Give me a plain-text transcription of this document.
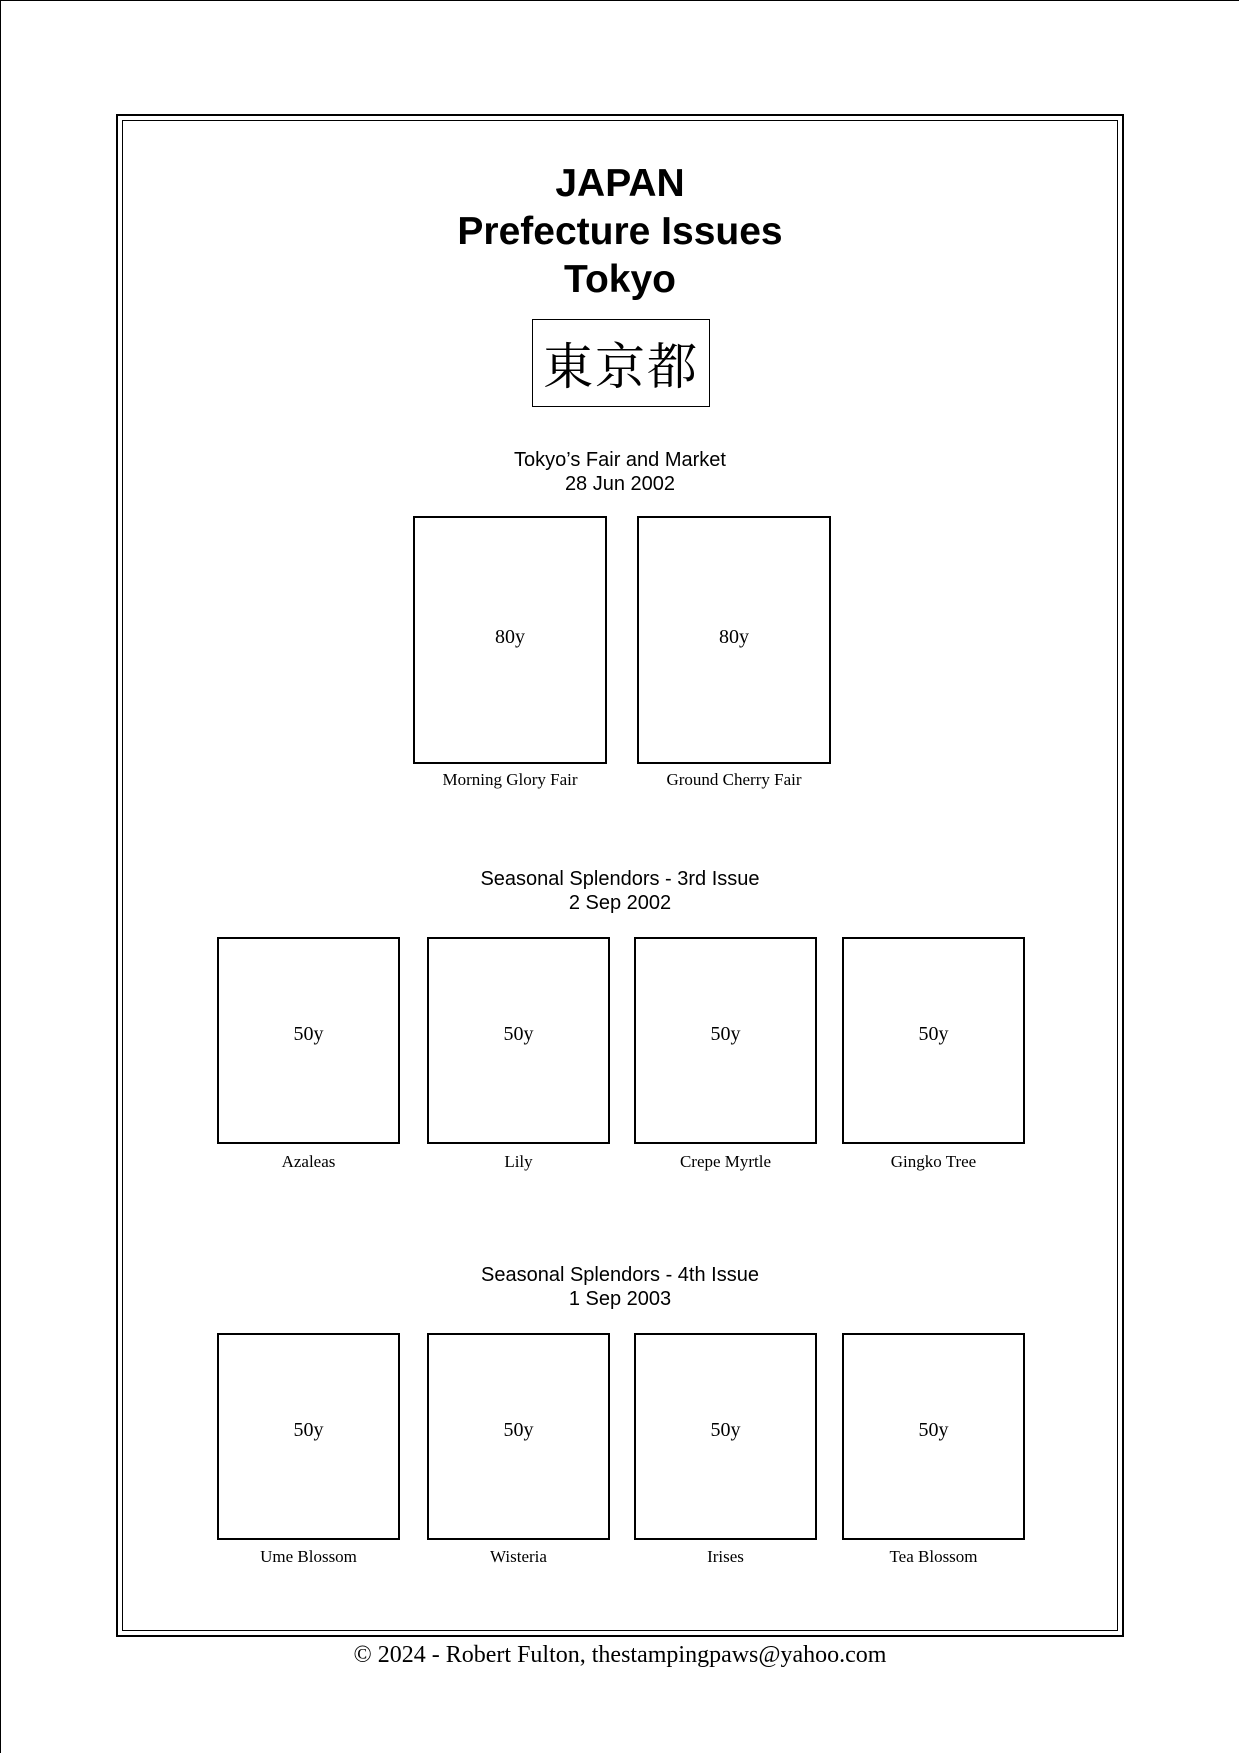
JAPAN
Prefecture Issues
Tokyo
東京都
Tokyo’s Fair and Market
28 Jun 2002
80y
Morning Glory Fair
80y
Ground Cherry Fair
Seasonal Splendors - 3rd Issue
2 Sep 2002
50y
Azaleas
50y
Lily
50y
Crepe Myrtle
50y
Gingko Tree
Seasonal Splendors - 4th Issue
1 Sep 2003
50y
Ume Blossom
50y
Wisteria
50y
Irises
50y
Tea Blossom
© 2024 - Robert Fulton, thestampingpaws@yahoo.com
